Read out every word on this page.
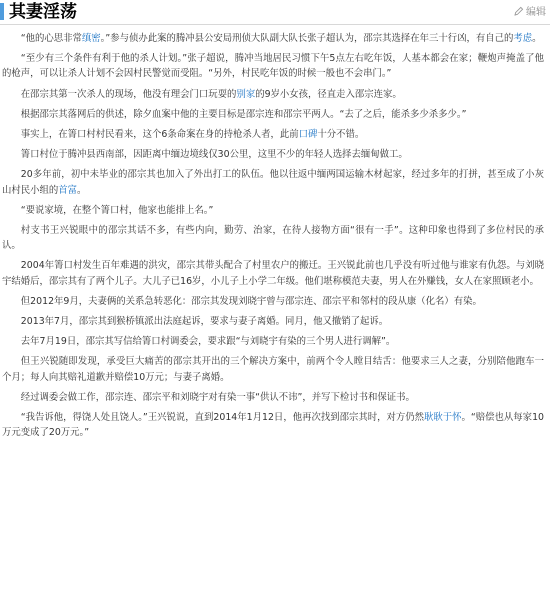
其妻淫荡	编辑

“他的心思非常缜密。”参与侦办此案的腾冲县公安局刑侦大队副大队长张子超认为，邵宗其选择在年三十行凶，有自己的考虑。

“至少有三个条件有利于他的杀人计划。”张子超说，腾冲当地居民习惯下午5点左右吃年饭，人基本都会在家；鞭炮声掩盖了他的枪声，可以让杀人计划不会因村民警觉而受阻。“另外，村民吃年饭的时候一般也不会串门。”

在邵宗其第一次杀人的现场，他没有理会门口玩耍的别家的9岁小女孩，径直走入邵宗连家。

根据邵宗其落网后的供述，除夕血案中他的主要目标是邵宗连和邵宗平两人。“去了之后，能杀多少杀多少。”

事实上，在箐口村村民看来，这个6条命案在身的持枪杀人者，此前口碑十分不错。

箐口村位于腾冲县西南部，因距离中缅边境线仅30公里，这里不少的年轻人选择去缅甸做工。

20多年前，初中未毕业的邵宗其也加入了外出打工的队伍。他以往返中缅两国运输木材起家，经过多年的打拼，甚至成了小灰山村民小组的首富。

“要说家境，在整个箐口村，他家也能排上名。”

村支书王兴锐眼中的邵宗其话不多，有些内向，勤劳、治家，在待人接物方面“很有一手”。这种印象也得到了多位村民的承认。

2004年箐口村发生百年难遇的洪灾，邵宗其带头配合了村里农户的搬迁。王兴锐此前也几乎没有听过他与谁家有仇怨。与刘晓宇结婚后，邵宗其有了两个儿子。大儿子已16岁，小儿子上小学二年级。他们堪称模范夫妻，男人在外赚钱，女人在家照顾老小。

但2012年9月，夫妻俩的关系急转恶化：邵宗其发现刘晓宇曾与邵宗连、邵宗平和邻村的段从康（化名）有染。

2013年7月，邵宗其到猴桥镇派出法庭起诉，要求与妻子离婚。同月，他又撤销了起诉。

去年7月19日，邵宗其写信给箐口村调委会，要求跟“与刘晓宇有染的三个男人进行调解”。

但王兴锐随即发现，承受巨大痛苦的邵宗其开出的三个解决方案中，前两个令人瞠目结舌：他要求三人之妻，分别陪他跑车一个月；每人向其赔礼道歉并赔偿10万元；与妻子离婚。

经过调委会做工作，邵宗连、邵宗平和刘晓宇对有染一事“供认不讳”，并写下检讨书和保证书。

“我告诉他，得饶人处且饶人。”王兴锐说，直到2014年1月12日，他再次找到邵宗其时，对方仍然耿耿于怀。“赔偿也从每家10万元变成了20万元。”
